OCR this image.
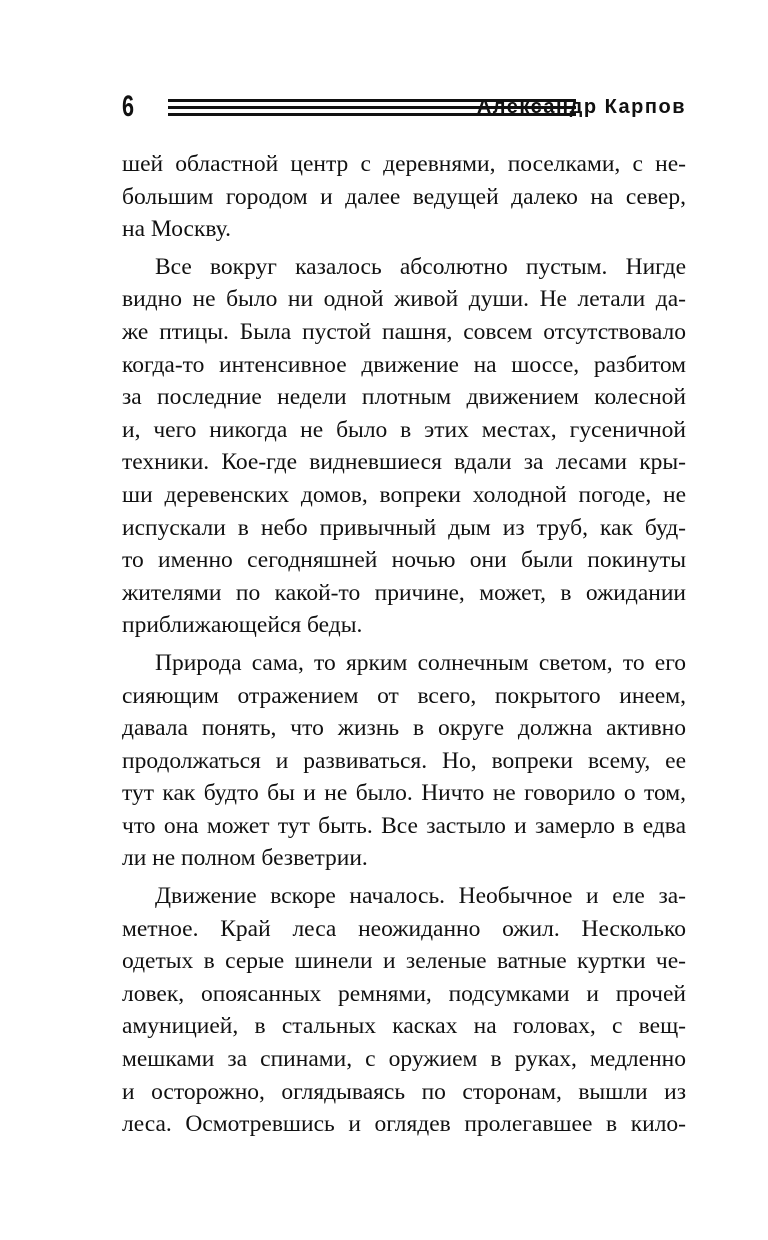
6	Александр Карпов
шей областной центр с деревнями, поселками, с не-
большим городом и далее ведущей далеко на север,
на Москву.
Все вокруг казалось абсолютно пустым. Нигде
видно не было ни одной живой души. Не летали да-
же птицы. Была пустой пашня, совсем отсутствовало
когда-то интенсивное движение на шоссе, разбитом
за последние недели плотным движением колесной
и, чего никогда не было в этих местах, гусеничной
техники. Кое-где видневшиеся вдали за лесами кры-
ши деревенских домов, вопреки холодной погоде, не
испускали в небо привычный дым из труб, как буд-
то именно сегодняшней ночью они были покинуты
жителями по какой-то причине, может, в ожидании
приближающейся беды.
Природа сама, то ярким солнечным светом, то его
сияющим отражением от всего, покрытого инеем,
давала понять, что жизнь в округе должна активно
продолжаться и развиваться. Но, вопреки всему, ее
тут как будто бы и не было. Ничто не говорило о том,
что она может тут быть. Все застыло и замерло в едва
ли не полном безветрии.
Движение вскоре началось. Необычное и еле за-
метное. Край леса неожиданно ожил. Несколько
одетых в серые шинели и зеленые ватные куртки че-
ловек, опоясанных ремнями, подсумками и прочей
амуницией, в стальных касках на головах, с вещ-
мешками за спинами, с оружием в руках, медленно
и осторожно, оглядываясь по сторонам, вышли из
леса. Осмотревшись и оглядев пролегавшее в кило-
